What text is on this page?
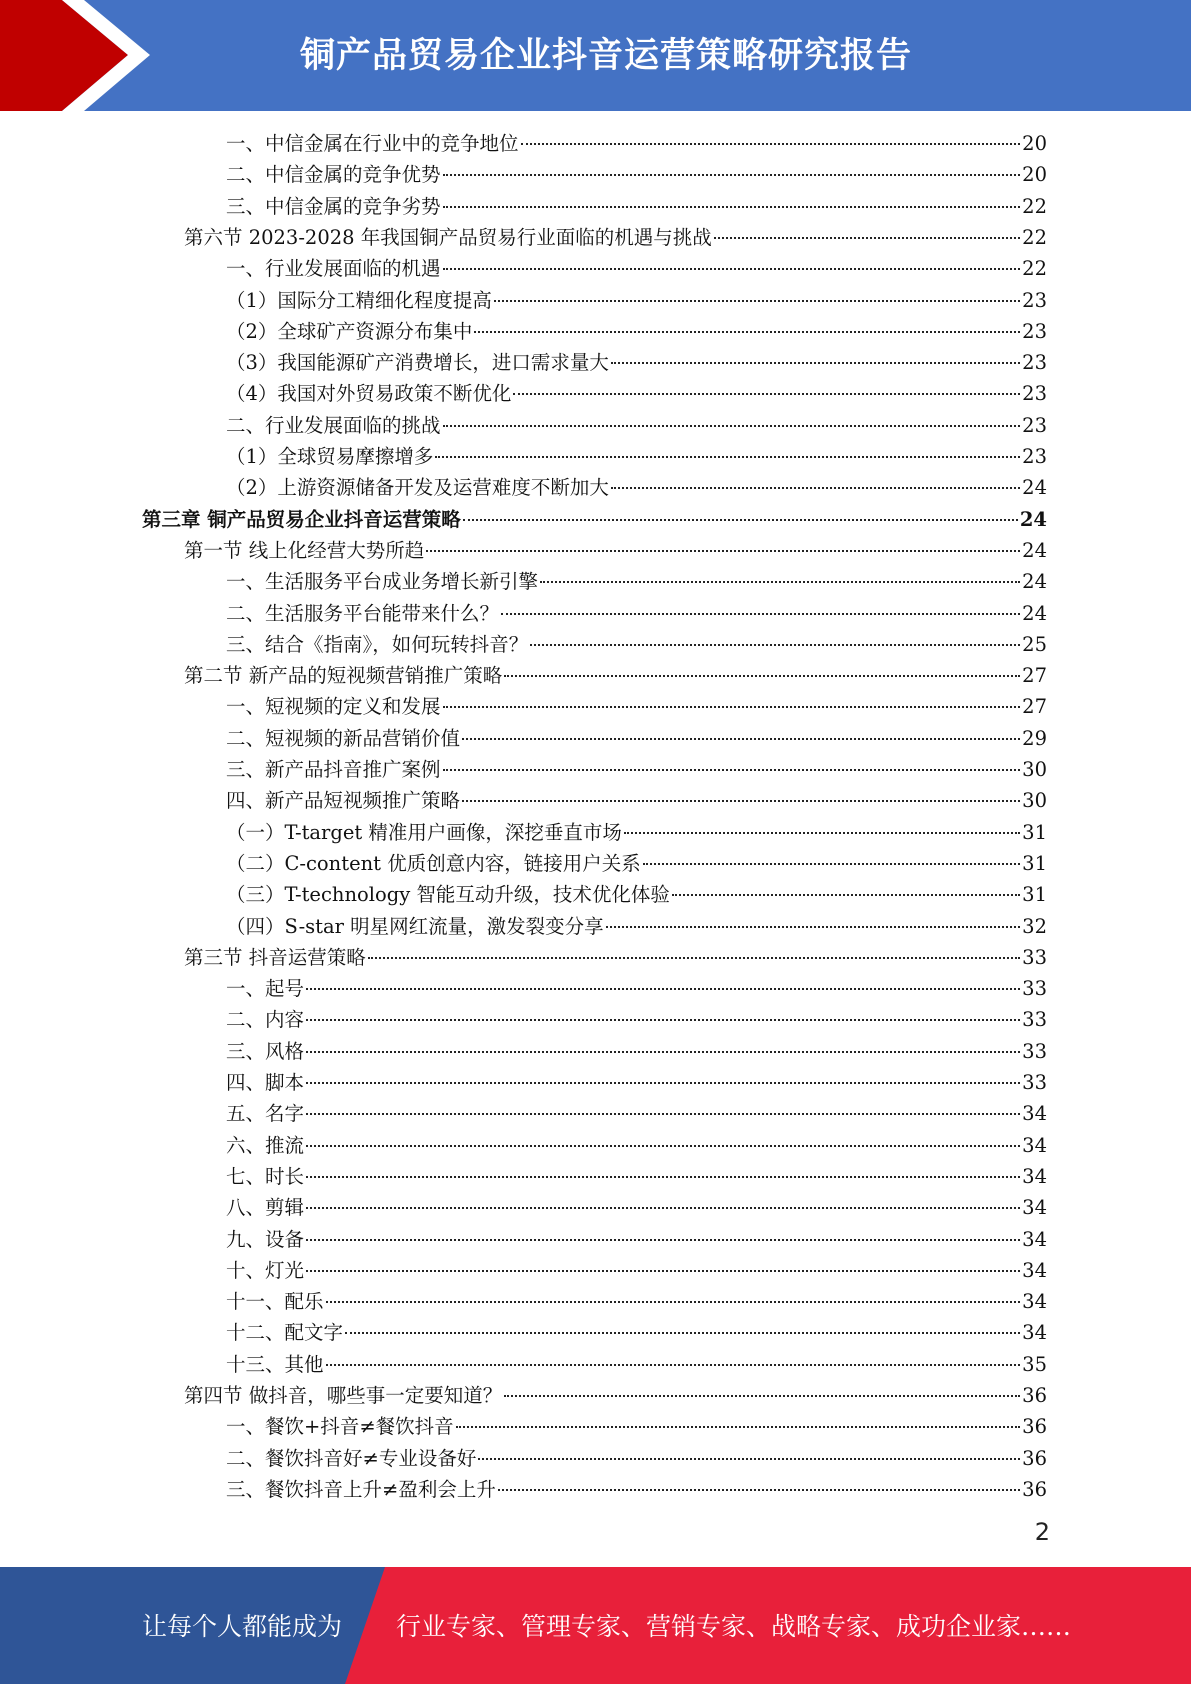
铜产品贸易企业抖音运营策略研究报告
一、中信金属在行业中的竞争地位	20
二、中信金属的竞争优势	20
三、中信金属的竞争劣势	22
第六节 2023-2028 年我国铜产品贸易行业面临的机遇与挑战	22
一、行业发展面临的机遇	22
（1）国际分工精细化程度提高	23
（2）全球矿产资源分布集中	23
（3）我国能源矿产消费增长，进口需求量大	23
（4）我国对外贸易政策不断优化	23
二、行业发展面临的挑战	23
（1）全球贸易摩擦增多	23
（2）上游资源储备开发及运营难度不断加大	24
第三章 铜产品贸易企业抖音运营策略	24
第一节 线上化经营大势所趋	24
一、生活服务平台成业务增长新引擎	24
二、生活服务平台能带来什么？	24
三、结合《指南》，如何玩转抖音？	25
第二节 新产品的短视频营销推广策略	27
一、短视频的定义和发展	27
二、短视频的新品营销价值	29
三、新产品抖音推广案例	30
四、新产品短视频推广策略	30
（一）T-target 精准用户画像，深挖垂直市场	31
（二）C-content 优质创意内容，链接用户关系	31
（三）T-technology 智能互动升级，技术优化体验	31
（四）S-star 明星网红流量，激发裂变分享	32
第三节 抖音运营策略	33
一、起号	33
二、内容	33
三、风格	33
四、脚本	33
五、名字	34
六、推流	34
七、时长	34
八、剪辑	34
九、设备	34
十、灯光	34
十一、配乐	34
十二、配文字	34
十三、其他	35
第四节 做抖音，哪些事一定要知道？	36
一、餐饮+抖音≠餐饮抖音	36
二、餐饮抖音好≠专业设备好	36
三、餐饮抖音上升≠盈利会上升	36
2
让每个人都能成为 行业专家、管理专家、营销专家、战略专家、成功企业家……
